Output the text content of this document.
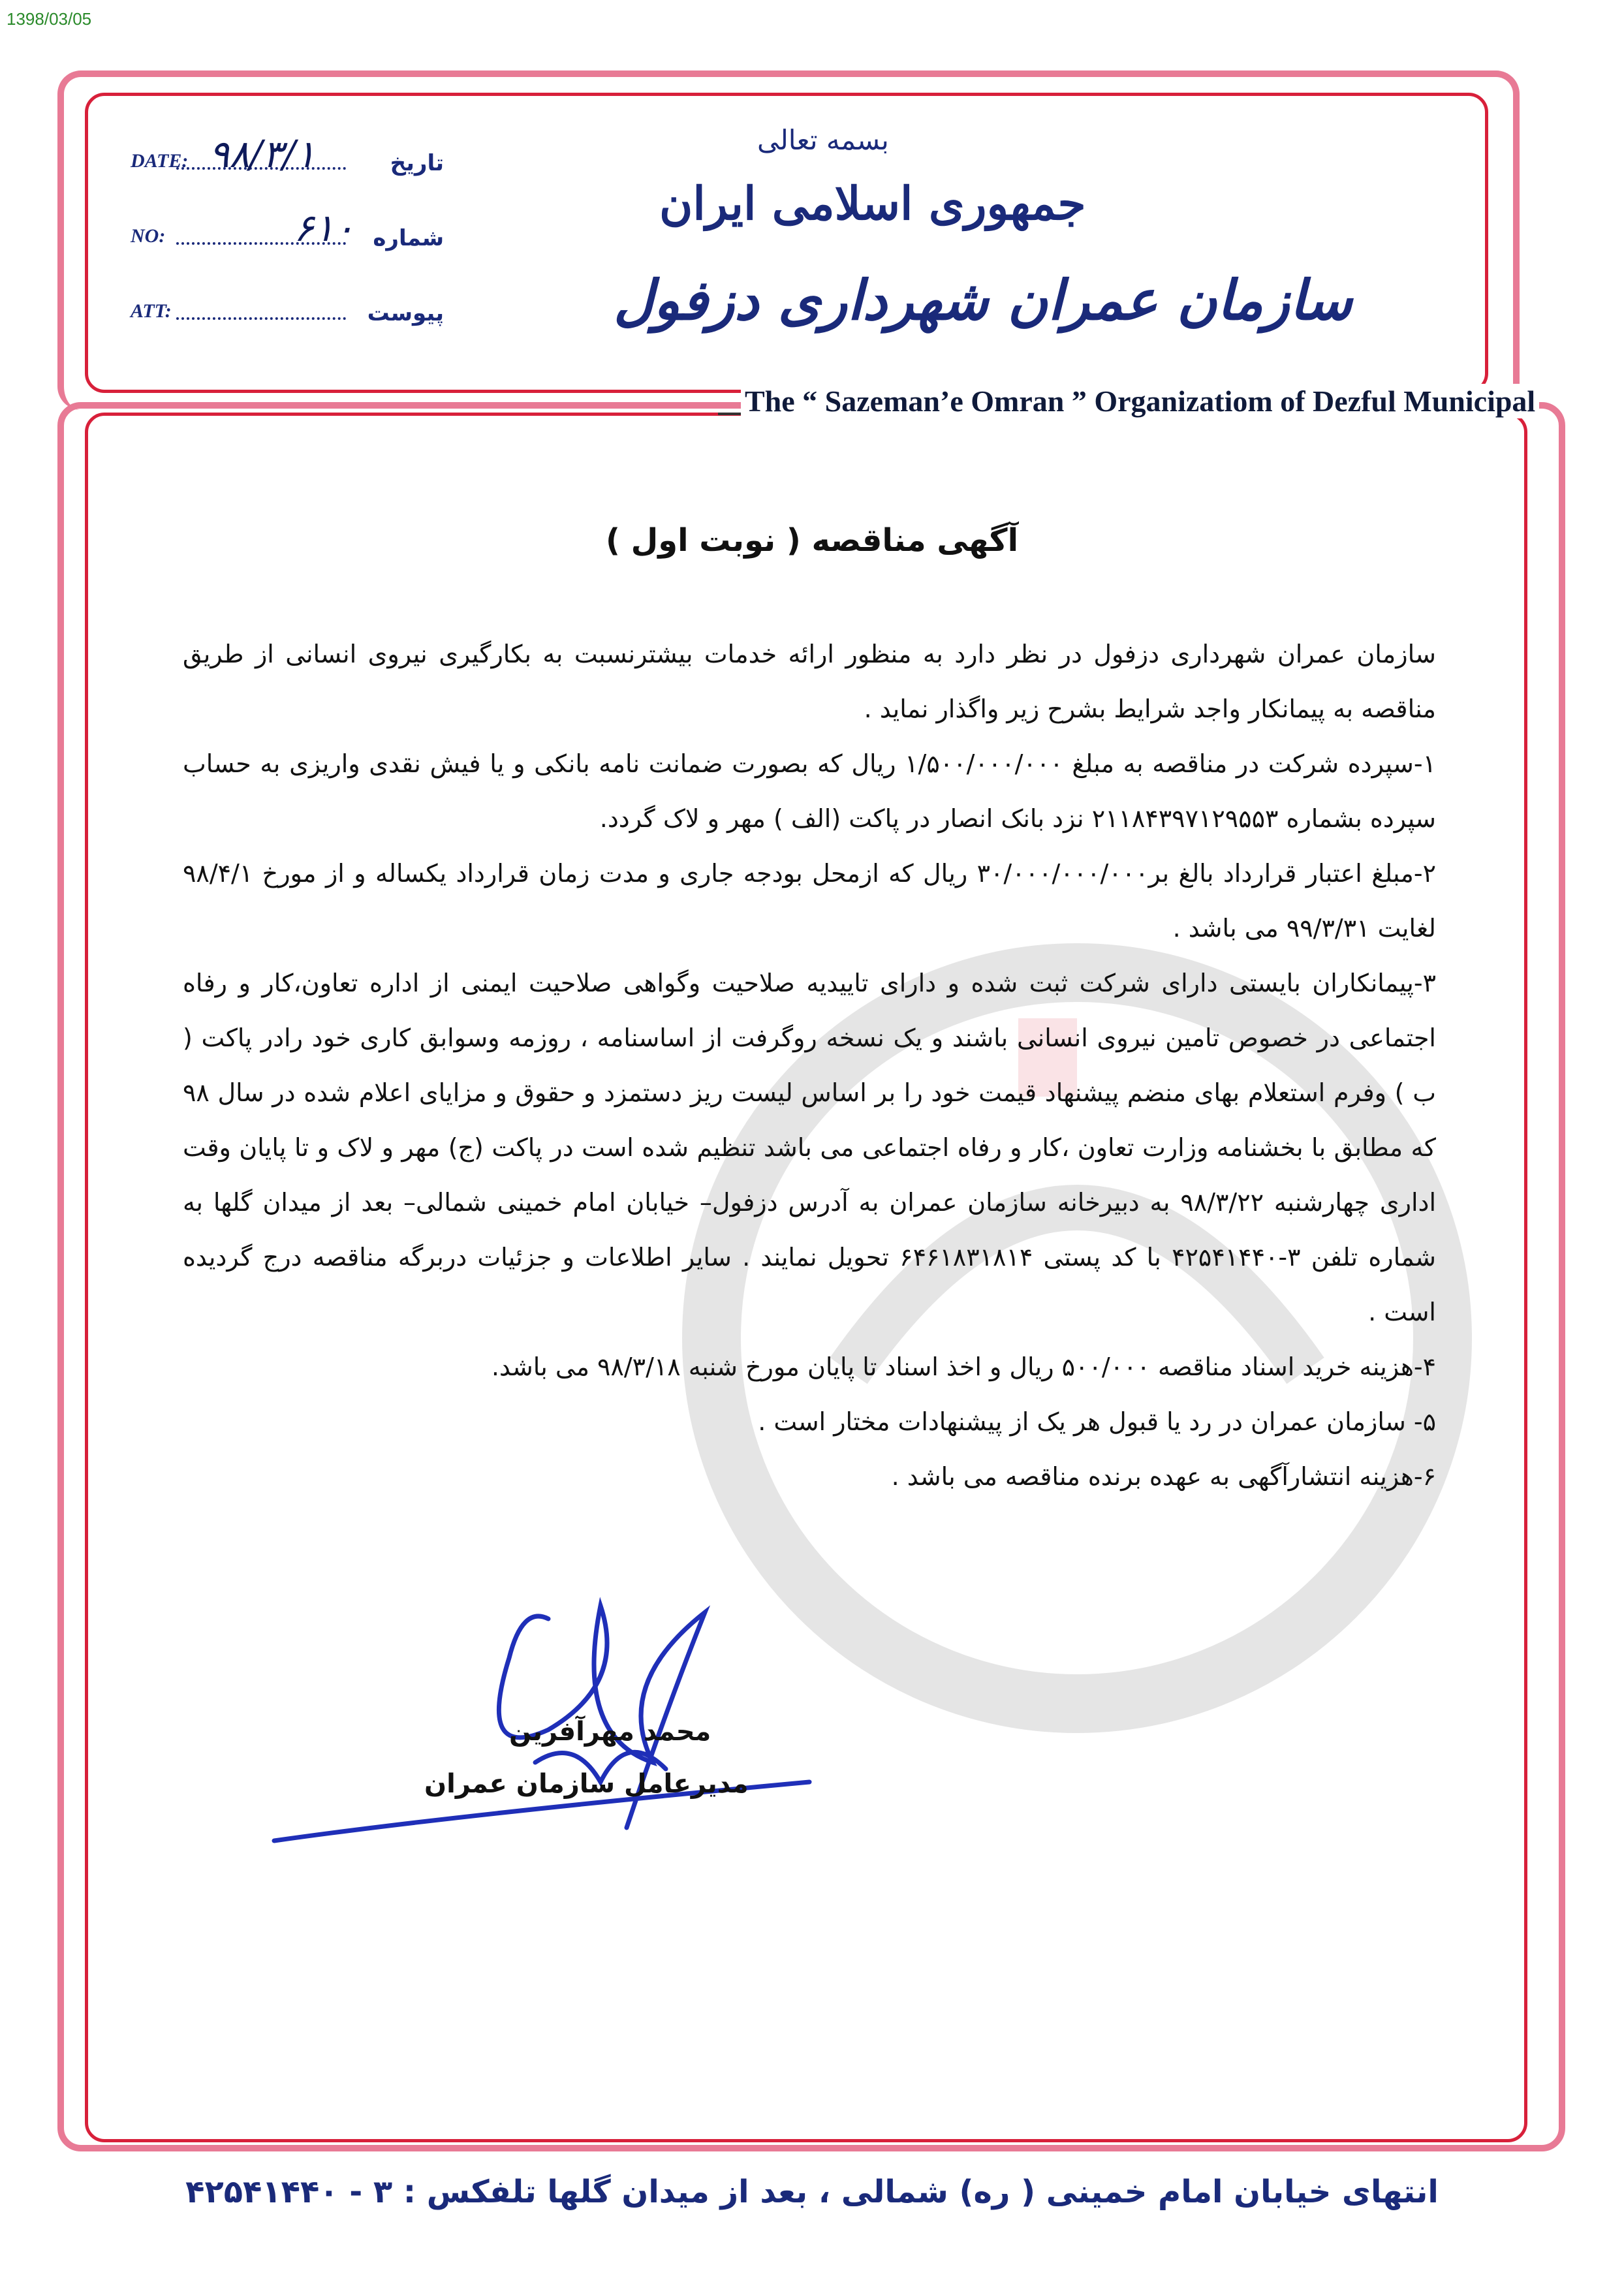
1398/03/05
بسمه تعالی
جمهوری اسلامی ایران
سازمان عمران شهرداری دزفول
DATE: ۹۸/۳/۱	تاریخ
NO:	۶۱۰ شماره
ATT:	پیوست
The “ Sazeman’e Omran ” Organizatiom of Dezful Municipal
آگهی مناقصه ( نوبت اول )

سازمان عمران شهرداری دزفول در نظر دارد به منظور ارائه خدمات بیشترنسبت به بکارگیری نیروی انسانی از طریق مناقصه به پیمانکار واجد شرایط بشرح زیر واگذار نماید .

۱-سپرده شرکت در مناقصه به مبلغ ۱/۵۰۰/۰۰۰/۰۰۰ ریال که بصورت ضمانت نامه بانکی و یا فیش نقدی واریزی به حساب سپرده بشماره ۲۱۱۸۴۳۹۷۱۲۹۵۵۳ نزد بانک انصار در پاکت (الف ) مهر و لاک گردد.

۲-مبلغ اعتبار قرارداد بالغ بر۳۰/۰۰۰/۰۰۰/۰۰۰ ریال که ازمحل بودجه جاری و مدت زمان قرارداد یکساله و از مورخ ۹۸/۴/۱ لغایت ۹۹/۳/۳۱ می باشد .

۳-پیمانکاران بایستی دارای شرکت ثبت شده و دارای تاییدیه صلاحیت وگواهی صلاحیت ایمنی از اداره تعاون،کار و رفاه اجتماعی در خصوص تامین نیروی انسانی باشند و یک نسخه روگرفت از اساسنامه ، روزمه وسوابق کاری خود رادر پاکت ( ب ) وفرم استعلام بهای منضم پیشنهاد قیمت خود را بر اساس لیست ریز دستمزد و حقوق و مزایای اعلام شده در سال ۹۸ که مطابق با بخشنامه وزارت تعاون ،کار و رفاه اجتماعی می باشد تنظیم شده است در پاکت (ج) مهر و لاک و تا پایان وقت اداری چهارشنبه ۹۸/۳/۲۲ به دبیرخانه سازمان عمران به آدرس دزفول– خیابان امام خمینی شمالی– بعد از میدان گلها به شماره تلفن ۳-۴۲۵۴۱۴۴۰ با کد پستی ۶۴۶۱۸۳۱۸۱۴ تحویل نمایند . سایر اطلاعات و جزئیات دربرگه مناقصه درج گردیده است .

۴-هزینه خرید اسناد مناقصه ۵۰۰/۰۰۰ ریال و اخذ اسناد تا پایان مورخ شنبه ۹۸/۳/۱۸ می باشد.

۵- سازمان عمران در رد یا قبول هر یک از پیشنهادات مختار است .

۶-هزینه انتشارآگهی به عهده برنده مناقصه می باشد .

محمد مهرآفرین
مدیرعامل سازمان عمران
انتهای خیابان امام خمینی ( ره) شمالی ، بعد از میدان گلها تلفکس : ۳ - ۴۲۵۴۱۴۴۰
